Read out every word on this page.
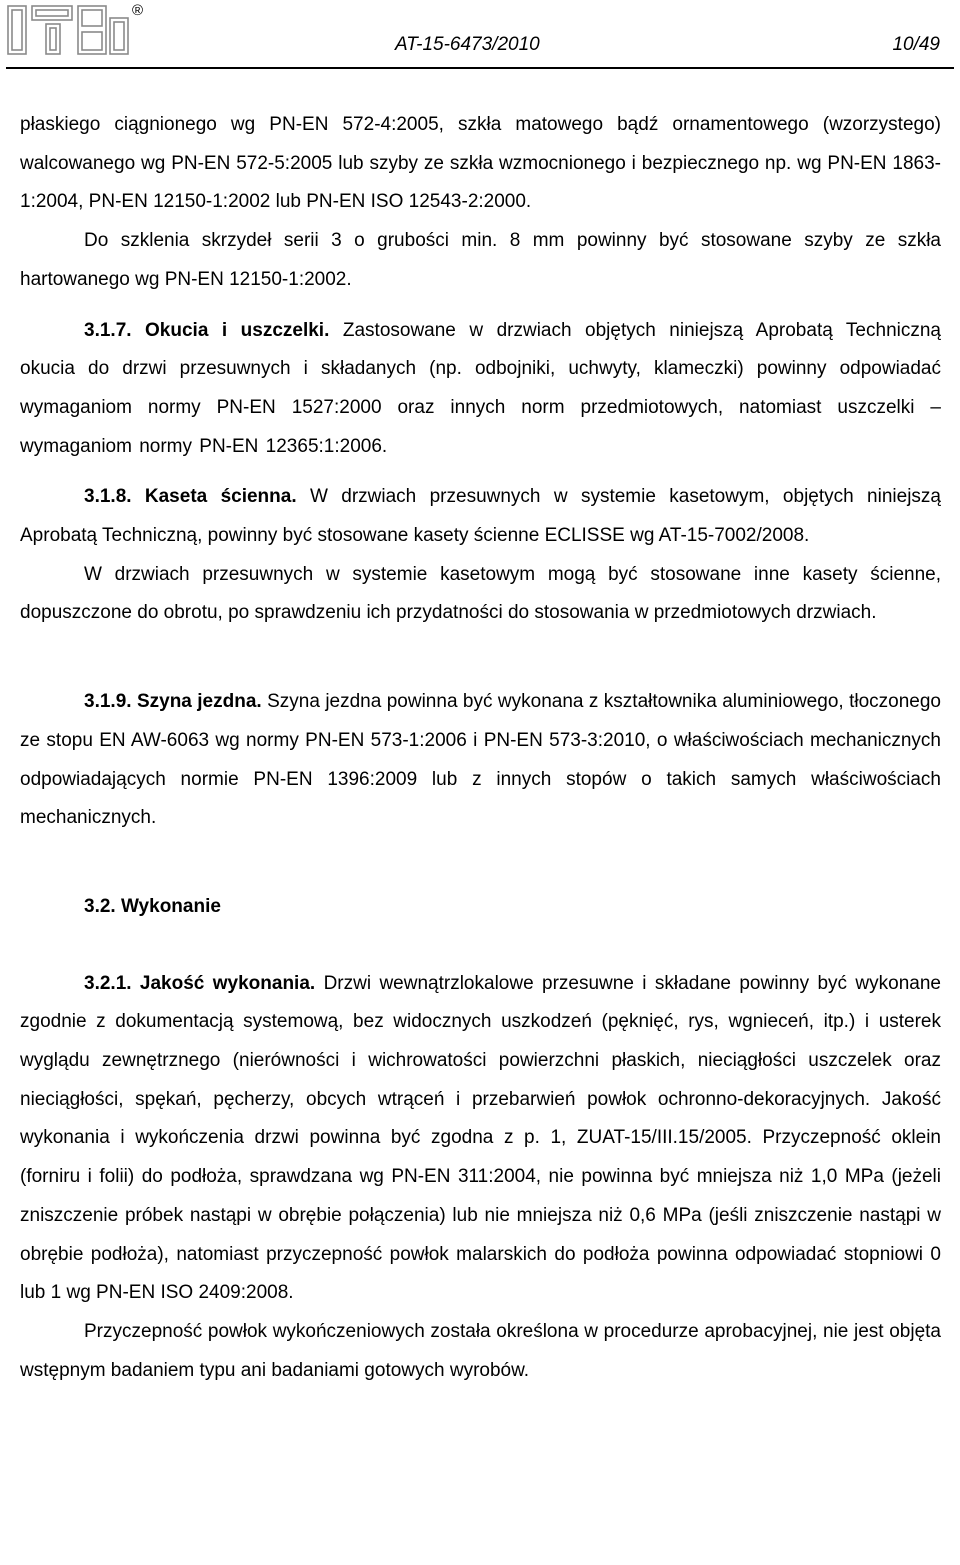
®
AT-15-6473/2010	10/49

płaskiego ciągnionego wg PN-EN 572-4:2005, szkła matowego bądź ornamentowego (wzorzystego) walcowanego wg PN-EN 572-5:2005 lub szyby ze szkła wzmocnionego i bezpiecznego np. wg PN-EN 1863-1:2004, PN-EN 12150-1:2002 lub PN-EN ISO 12543-2:2000.

Do szklenia skrzydeł serii 3 o grubości min. 8 mm powinny być stosowane szyby ze szkła hartowanego wg PN-EN 12150-1:2002.

3.1.7. Okucia i uszczelki. Zastosowane w drzwiach objętych niniejszą Aprobatą Techniczną okucia do drzwi przesuwnych i składanych (np. odbojniki, uchwyty, klameczki) powinny odpowiadać wymaganiom normy PN-EN 1527:2000 oraz innych norm przedmiotowych, natomiast uszczelki – wymaganiom normy PN-EN 12365:1:2006.

3.1.8. Kaseta ścienna. W drzwiach przesuwnych w systemie kasetowym, objętych niniejszą Aprobatą Techniczną, powinny być stosowane kasety ścienne ECLISSE wg AT-15-7002/2008.

W drzwiach przesuwnych w systemie kasetowym mogą być stosowane inne kasety ścienne, dopuszczone do obrotu, po sprawdzeniu ich przydatności do stosowania w przedmiotowych drzwiach.

3.1.9. Szyna jezdna. Szyna jezdna powinna być wykonana z kształtownika aluminiowego, tłoczonego ze stopu EN AW-6063 wg normy PN-EN 573-1:2006 i PN-EN 573-3:2010, o właściwościach mechanicznych odpowiadających normie PN-EN 1396:2009 lub z innych stopów o takich samych właściwościach mechanicznych.

3.2. Wykonanie

3.2.1. Jakość wykonania. Drzwi wewnątrzlokalowe przesuwne i składane powinny być wykonane zgodnie z dokumentacją systemową, bez widocznych uszkodzeń (pęknięć, rys, wgnieceń, itp.) i usterek wyglądu zewnętrznego (nierówności i wichrowatości powierzchni płaskich, nieciągłości uszczelek oraz nieciągłości, spękań, pęcherzy, obcych wtrąceń i przebarwień powłok ochronno-dekoracyjnych. Jakość wykonania i wykończenia drzwi powinna być zgodna z p. 1, ZUAT-15/III.15/2005. Przyczepność oklein (forniru i folii) do podłoża, sprawdzana wg PN-EN 311:2004, nie powinna być mniejsza niż 1,0 MPa (jeżeli zniszczenie próbek nastąpi w obrębie połączenia) lub nie mniejsza niż 0,6 MPa (jeśli zniszczenie nastąpi w obrębie podłoża), natomiast przyczepność powłok malarskich do podłoża powinna odpowiadać stopniowi 0 lub 1 wg PN-EN ISO 2409:2008.

Przyczepność powłok wykończeniowych została określona w procedurze aprobacyjnej, nie jest objęta wstępnym badaniem typu ani badaniami gotowych wyrobów.
